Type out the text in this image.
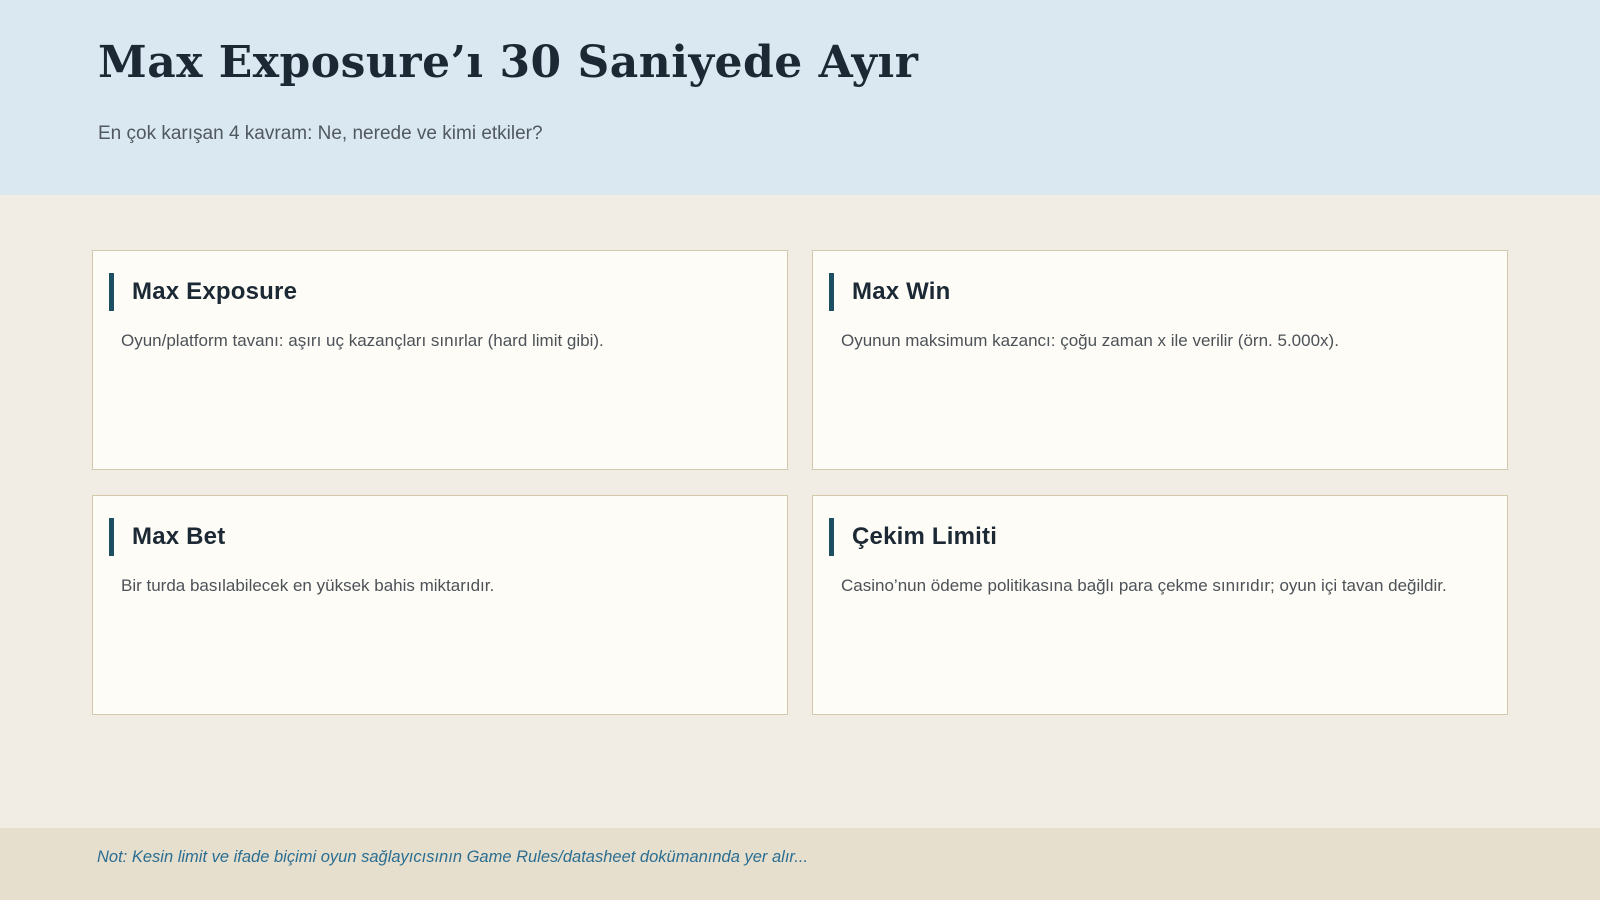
Max Exposure’ı 30 Saniyede Ayır
En çok karışan 4 kavram: Ne, nerede ve kimi etkiler?
Max Exposure

Oyun/platform tavanı: aşırı uç kazançları sınırlar (hard limit gibi).

Max Win

Oyunun maksimum kazancı: çoğu zaman x ile verilir (örn. 5.000x).

Max Bet

Bir turda basılabilecek en yüksek bahis miktarıdır.

Çekim Limiti

Casino’nun ödeme politikasına bağlı para çekme sınırıdır; oyun içi tavan değildir.

Not: Kesin limit ve ifade biçimi oyun sağlayıcısının Game Rules/datasheet dokümanında yer alır...
